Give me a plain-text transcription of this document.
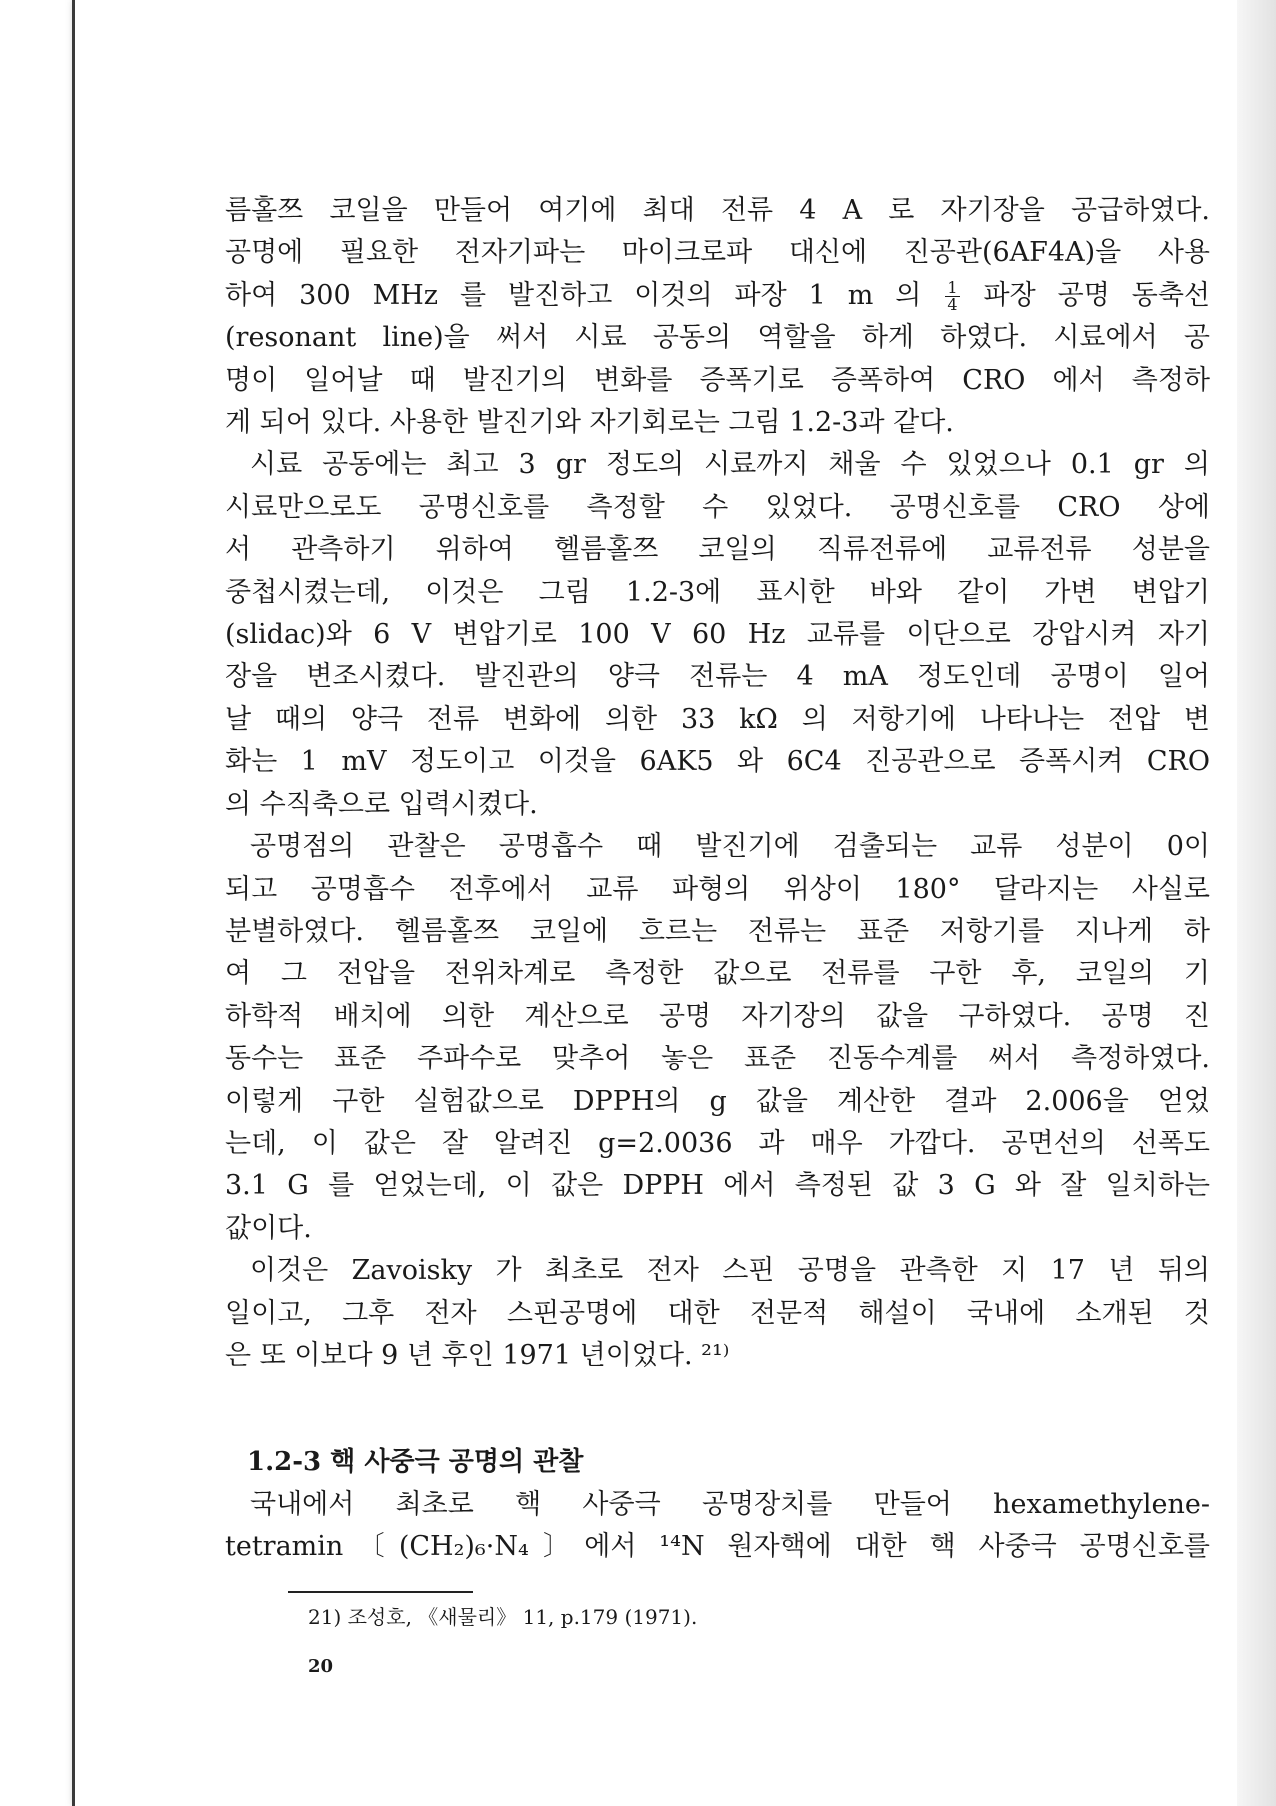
름홀쯔 코일을 만들어 여기에 최대 전류 4 A 로 자기장을 공급하였다.
공명에 필요한 전자기파는 마이크로파 대신에 진공관(6AF4A)을 사용
하여 300 MHz 를 발진하고 이것의 파장 1 m 의 $\frac{1}{4}$ 파장 공명 동축선
(resonant line)을 써서 시료 공동의 역할을 하게 하였다. 시료에서 공
명이 일어날 때 발진기의 변화를 증폭기로 증폭하여 CRO 에서 측정하
게 되어 있다. 사용한 발진기와 자기회로는 그림 1.2-3과 같다.
시료 공동에는 최고 3 gr 정도의 시료까지 채울 수 있었으나 0.1 gr 의
시료만으로도 공명신호를 측정할 수 있었다. 공명신호를 CRO 상에
서 관측하기 위하여 헬름홀쯔 코일의 직류전류에 교류전류 성분을
중첩시켰는데, 이것은 그림 1.2-3에 표시한 바와 같이 가변 변압기
(slidac)와 6 V 변압기로 100 V 60 Hz 교류를 이단으로 강압시켜 자기
장을 변조시켰다. 발진관의 양극 전류는 4 mA 정도인데 공명이 일어
날 때의 양극 전류 변화에 의한 33 kΩ 의 저항기에 나타나는 전압 변
화는 1 mV 정도이고 이것을 6AK5 와 6C4 진공관으로 증폭시켜 CRO
의 수직축으로 입력시켰다.
공명점의 관찰은 공명흡수 때 발진기에 검출되는 교류 성분이 0이
되고 공명흡수 전후에서 교류 파형의 위상이 180° 달라지는 사실로
분별하였다. 헬름홀쯔 코일에 흐르는 전류는 표준 저항기를 지나게 하
여 그 전압을 전위차계로 측정한 값으로 전류를 구한 후, 코일의 기
하학적 배치에 의한 계산으로 공명 자기장의 값을 구하였다. 공명 진
동수는 표준 주파수로 맞추어 놓은 표준 진동수계를 써서 측정하였다.
이렇게 구한 실험값으로 DPPH의 g 값을 계산한 결과 2.006을 얻었
는데, 이 값은 잘 알려진 g=2.0036 과 매우 가깝다. 공면선의 선폭도
3.1 G 를 얻었는데, 이 값은 DPPH 에서 측정된 값 3 G 와 잘 일치하는
값이다.
이것은 Zavoisky 가 최초로 전자 스핀 공명을 관측한 지 17 년 뒤의
일이고, 그후 전자 스핀공명에 대한 전문적 해설이 국내에 소개된 것
은 또 이보다 9 년 후인 1971 년이었다. ²¹⁾
1.2-3 핵 사중극 공명의 관찰
국내에서 최초로 핵 사중극 공명장치를 만들어 hexamethylene-
tetramin〔(CH₂)₆·N₄〕에서 ¹⁴N 원자핵에 대한 핵 사중극 공명신호를
21) 조성호, 《새물리》 11, p.179 (1971).
20
